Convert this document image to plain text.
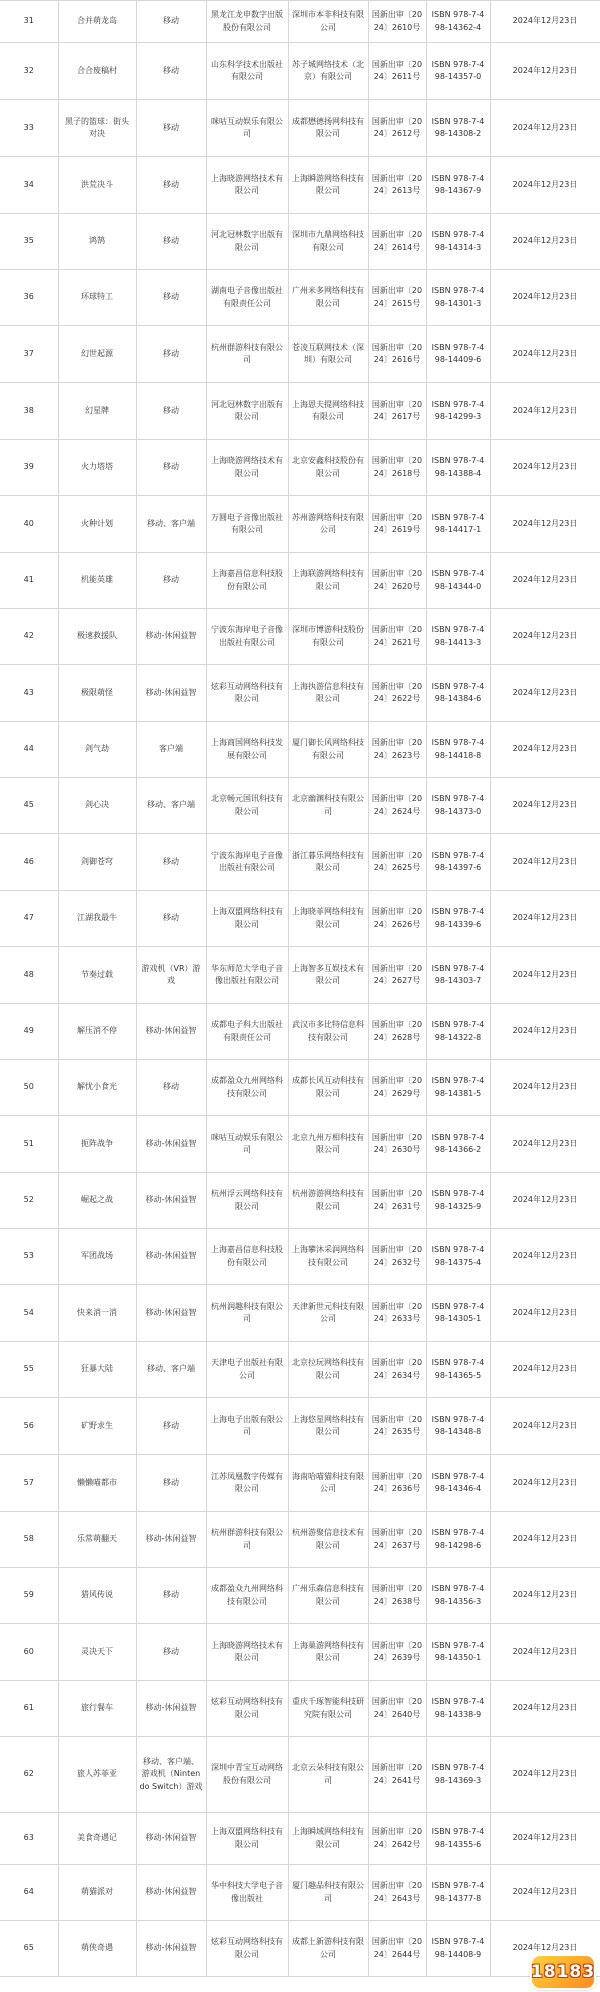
31	合并萌龙岛	移动	黑龙江龙申数字出版股份有限公司	深圳市本非科技有限公司	国新出审〔2024〕2610号	ISBN 978-7-498-14362-4	2024年12月23日
32	合合废稿村	移动	山东科学技术出版社有限公司	苏子城网络技术（北京）有限公司	国新出审〔2024〕2611号	ISBN 978-7-498-14357-0	2024年12月23日
33	黑子的篮球：街头对决	移动	咪咕互动娱乐有限公司	成都懋德扬网科技有限公司	国新出审〔2024〕2612号	ISBN 978-7-498-14308-2	2024年12月23日
34	洪荒决斗	移动	上海晓游网络技术有限公司	上海瞬游网络科技有限公司	国新出审〔2024〕2613号	ISBN 978-7-498-14367-9	2024年12月23日
35	鸿鹄	移动	河北冠林数字出版有限公司	深圳市九鼎网络科技有限公司	国新出审〔2024〕2614号	ISBN 978-7-498-14314-3	2024年12月23日
36	环球特工	移动	湖南电子音像出版社有限责任公司	广州米多网络科技有限公司	国新出审〔2024〕2615号	ISBN 978-7-498-14301-3	2024年12月23日
37	幻世起源	移动	杭州群游科技有限公司	苍凌互联网技术（深圳）有限公司	国新出审〔2024〕2616号	ISBN 978-7-498-14409-6	2024年12月23日
38	幻星牌	移动	河北冠林数字出版有限公司	上海恩夫提网络科技有限公司	国新出审〔2024〕2617号	ISBN 978-7-498-14299-3	2024年12月23日
39	火力塔塔	移动	上海晓游网络技术有限公司	北京安鑫科技股份有限公司	国新出审〔2024〕2618号	ISBN 978-7-498-14388-4	2024年12月23日
40	火种计划	移动、客户端	万圆电子音像出版社有限公司	苏州游网络科技有限公司	国新出审〔2024〕2619号	ISBN 978-7-498-14417-1	2024年12月23日
41	机能英雄	移动	上海嘉昌信息科技股份有限公司	上海联游网络科技有限公司	国新出审〔2024〕2620号	ISBN 978-7-498-14344-0	2024年12月23日
42	极速救援队	移动-休闲益智	宁波东海岸电子音像出版社有限公司	深圳市博游科技股份有限公司	国新出审〔2024〕2621号	ISBN 978-7-498-14413-3	2024年12月23日
43	极限萌怪	移动-休闲益智	炫彩互动网络科技有限公司	上海执游信息科技有限公司	国新出审〔2024〕2622号	ISBN 978-7-498-14384-6	2024年12月23日
44	剑气劫	客户端	上海商国网络科技发展有限公司	厦门御长风网络科技有限公司	国新出审〔2024〕2623号	ISBN 978-7-498-14418-8	2024年12月23日
45	剑心决	移动、客户端	北京畅元国讯科技有限公司	北京幽渊科技有限公司	国新出审〔2024〕2624号	ISBN 978-7-498-14373-0	2024年12月23日
46	剑御苍穹	移动	宁波东海岸电子音像出版社有限公司	浙江暮乐网络科技有限公司	国新出审〔2024〕2625号	ISBN 978-7-498-14397-6	2024年12月23日
47	江湖我最牛	移动	上海双盟网络科技有限公司	上海晓菲网络科技有限公司	国新出审〔2024〕2626号	ISBN 978-7-498-14339-6	2024年12月23日
48	节奏过载	游戏机（VR）游戏	华东师范大学电子音像出版社有限公司	上海智多互娱技术有限公司	国新出审〔2024〕2627号	ISBN 978-7-498-14303-7	2024年12月23日
49	解压消不停	移动-休闲益智	成都电子科大出版社有限责任公司	武汉市多比特信息科技有限公司	国新出审〔2024〕2628号	ISBN 978-7-498-14322-8	2024年12月23日
50	解忧小食光	移动	成都盈众九州网络科技有限公司	成都长风互动科技有限公司	国新出审〔2024〕2629号	ISBN 978-7-498-14381-5	2024年12月23日
51	扼阵战争	移动-休闲益智	咪咕互动娱乐有限公司	北京九州万相科技有限公司	国新出审〔2024〕2630号	ISBN 978-7-498-14366-2	2024年12月23日
52	崛起之战	移动-休闲益智	杭州浮云网络科技有限公司	杭州游游网络科技有限公司	国新出审〔2024〕2631号	ISBN 978-7-498-14325-9	2024年12月23日
53	军团战场	移动-休闲益智	上海嘉昌信息科技股份有限公司	上海攀沐采润网络科技有限公司	国新出审〔2024〕2632号	ISBN 978-7-498-14375-4	2024年12月23日
54	快来消一消	移动-休闲益智	杭州润趣科技有限公司	天津新世元科技有限公司	国新出审〔2024〕2633号	ISBN 978-7-498-14305-1	2024年12月23日
55	狂暴大陆	移动、客户端	天津电子出版社有限公司	北京拉玩网络科技有限公司	国新出审〔2024〕2634号	ISBN 978-7-498-14365-5	2024年12月23日
56	矿野求生	移动	上海电子出版有限公司	上海悠星网络科技有限公司	国新出审〔2024〕2635号	ISBN 978-7-498-14348-8	2024年12月23日
57	懒懒喵都市	移动	江苏凤凰数字传媒有限公司	海南哈喵猫科技有限公司	国新出审〔2024〕2636号	ISBN 978-7-498-14346-4	2024年12月23日
58	乐常萌翻天	移动-休闲益智	杭州群游科技有限公司	杭州游聚信息技术有限公司	国新出审〔2024〕2637号	ISBN 978-7-498-14298-6	2024年12月23日
59	猎风传说	移动	成都盈众九州网络科技有限公司	广州乐森信息科技有限公司	国新出审〔2024〕2638号	ISBN 978-7-498-14356-3	2024年12月23日
60	灵决天下	移动	上海晓游网络技术有限公司	上海巢游网络科技有限公司	国新出审〔2024〕2639号	ISBN 978-7-498-14350-1	2024年12月23日
61	旅行餐车	移动-休闲益智	炫彩互动网络科技有限公司	重庆千琢智能科技研究院有限公司	国新出审〔2024〕2640号	ISBN 978-7-498-14338-9	2024年12月23日
62	旅人苏菲亚	移动、客户端、游戏机（Nintendo Switch）游戏	深圳中青宝互动网络股份有限公司	北京云朵科技有限公司	国新出审〔2024〕2641号	ISBN 978-7-498-14369-3	2024年12月23日
63	美食奇遇记	移动-休闲益智	上海双盟网络科技有限公司	上海瞬域网络科技有限公司	国新出审〔2024〕2642号	ISBN 978-7-498-14355-6	2024年12月23日
64	萌猫派对	移动-休闲益智	华中科技大学电子音像出版社	厦门趣品科技有限公司	国新出审〔2024〕2643号	ISBN 978-7-498-14377-8	2024年12月23日
65	萌侠奇遇	移动-休闲益智	炫彩互动网络科技有限公司	成都上新游科技有限公司	国新出审〔2024〕2644号	ISBN 978-7-498-14408-9	2024年12月23日
18183
